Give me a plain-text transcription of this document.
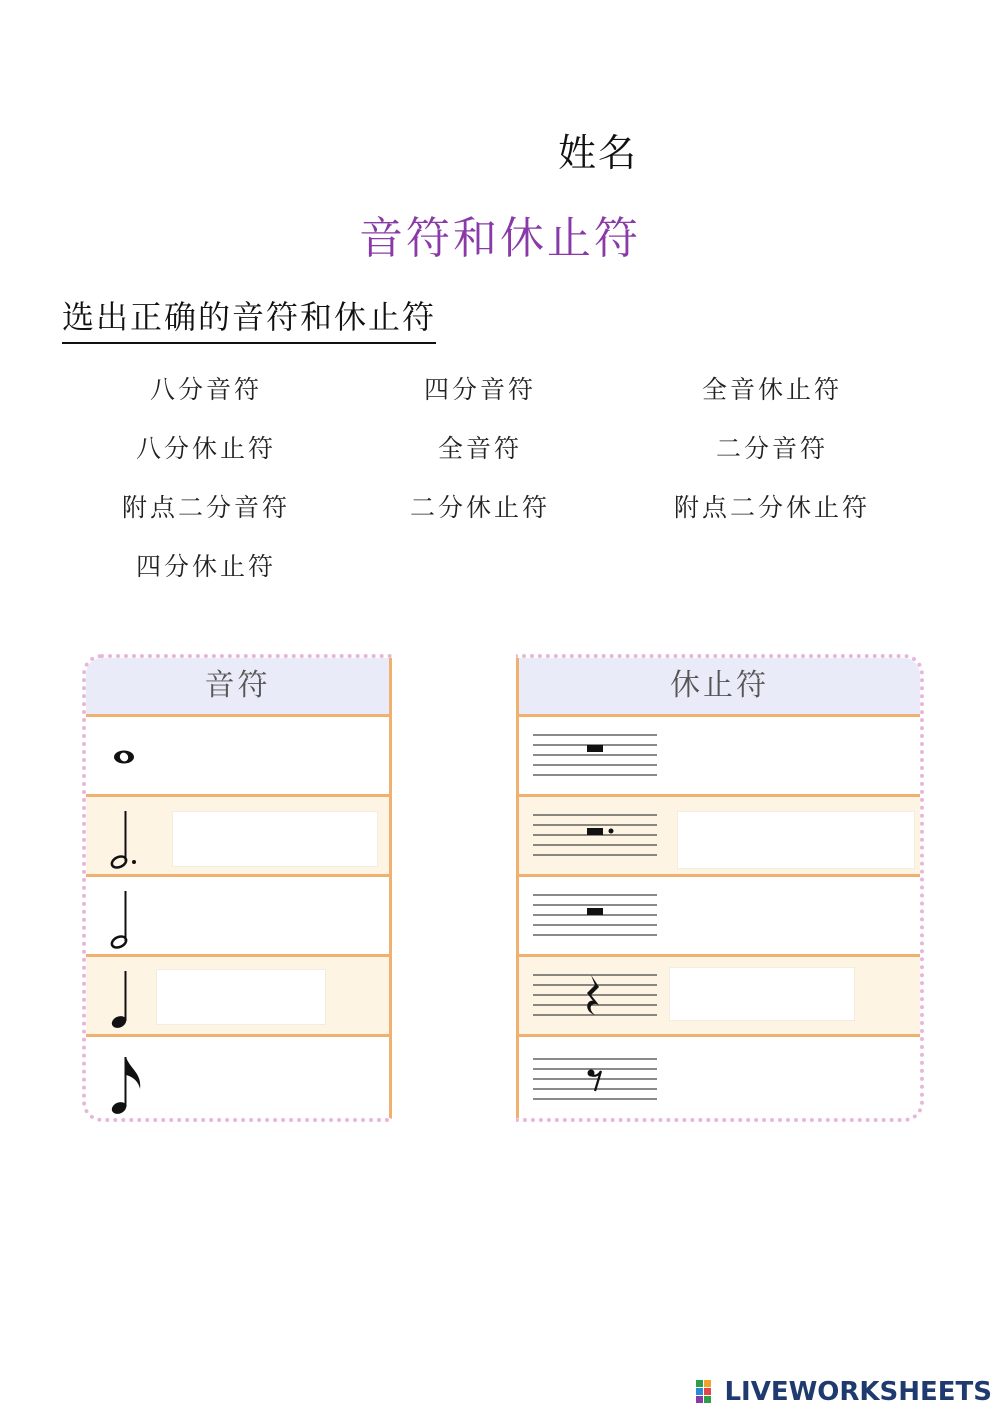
姓名
音符和休止符
选出正确的音符和休止符
八分音符	四分音符	全音休止符
八分休止符	全音符	二分音符
附点二分音符	二分休止符	附点二分休止符
四分休止符
音符	休止符
LIVEWORKSHEETS
